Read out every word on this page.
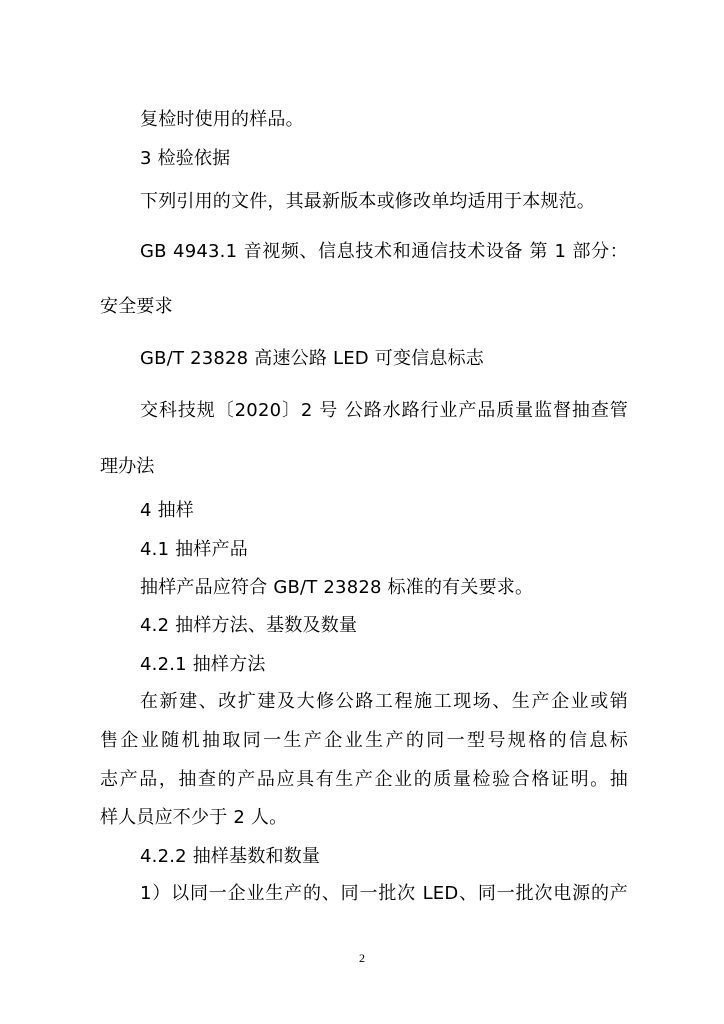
复检时使用的样品。
3 检验依据
下列引用的文件，其最新版本或修改单均适用于本规范。
GB 4943.1 音视频、信息技术和通信技术设备 第 1 部分：
安全要求
GB/T 23828 高速公路 LED 可变信息标志
交科技规〔2020〕2 号 公路水路行业产品质量监督抽查管
理办法
4 抽样
4.1 抽样产品
抽样产品应符合 GB/T 23828 标准的有关要求。
4.2 抽样方法、基数及数量
4.2.1 抽样方法
在新建、改扩建及大修公路工程施工现场、生产企业或销
售企业随机抽取同一生产企业生产的同一型号规格的信息标
志产品，抽查的产品应具有生产企业的质量检验合格证明。抽
样人员应不少于 2 人。
4.2.2 抽样基数和数量
1）以同一企业生产的、同一批次 LED、同一批次电源的产
2
